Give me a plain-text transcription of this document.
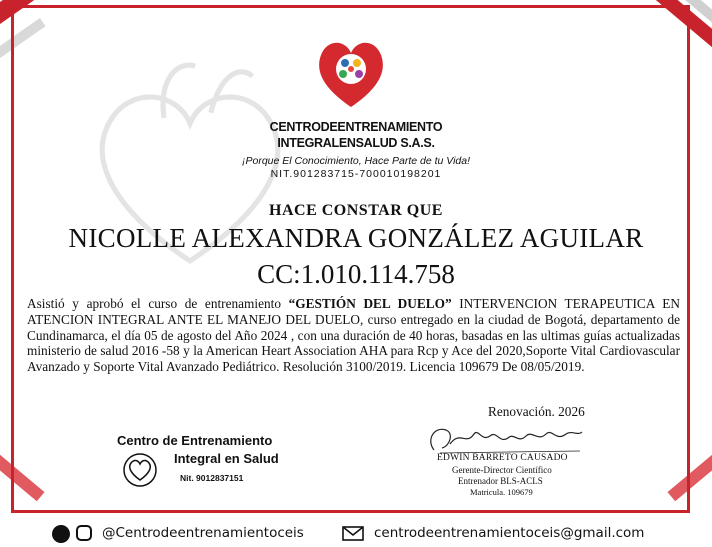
CENTRODEENTRENAMIENTO
INTEGRALENSALUD S.A.S.
¡Porque El Conocimiento, Hace Parte de tu Vida!
NIT.901283715-700010198201
HACE CONSTAR QUE
NICOLLE ALEXANDRA GONZÁLEZ AGUILAR
CC:1.010.114.758
Asistió y aprobó el curso de entrenamiento “GESTIÓN DEL DUELO” INTERVENCION TERAPEUTICA EN ATENCION INTEGRAL ANTE EL MANEJO DEL DUELO, curso entregado en la ciudad de Bogotá, departamento de Cundinamarca, el día 05 de agosto del Año 2024 , con una duración de 40 horas, basadas en las ultimas guías actualizadas ministerio de salud 2016 -58 y la American Heart Association AHA para Rcp y Ace del 2020,Soporte Vital Cardiovascular Avanzado y Soporte Vital Avanzado Pediátrico. Resolución 3100/2019. Licencia 109679 De 08/05/2019.
Renovación. 2026
Centro de Entrenamiento
Integral en Salud
Nit. 9012837151
EDWIN BARRETO CAUSADO
Gerente-Director Científico
Entrenador BLS-ACLS
Matricula. 109679
@Centrodeentrenamientoceis	centrodeentrenamientoceis@gmail.com
